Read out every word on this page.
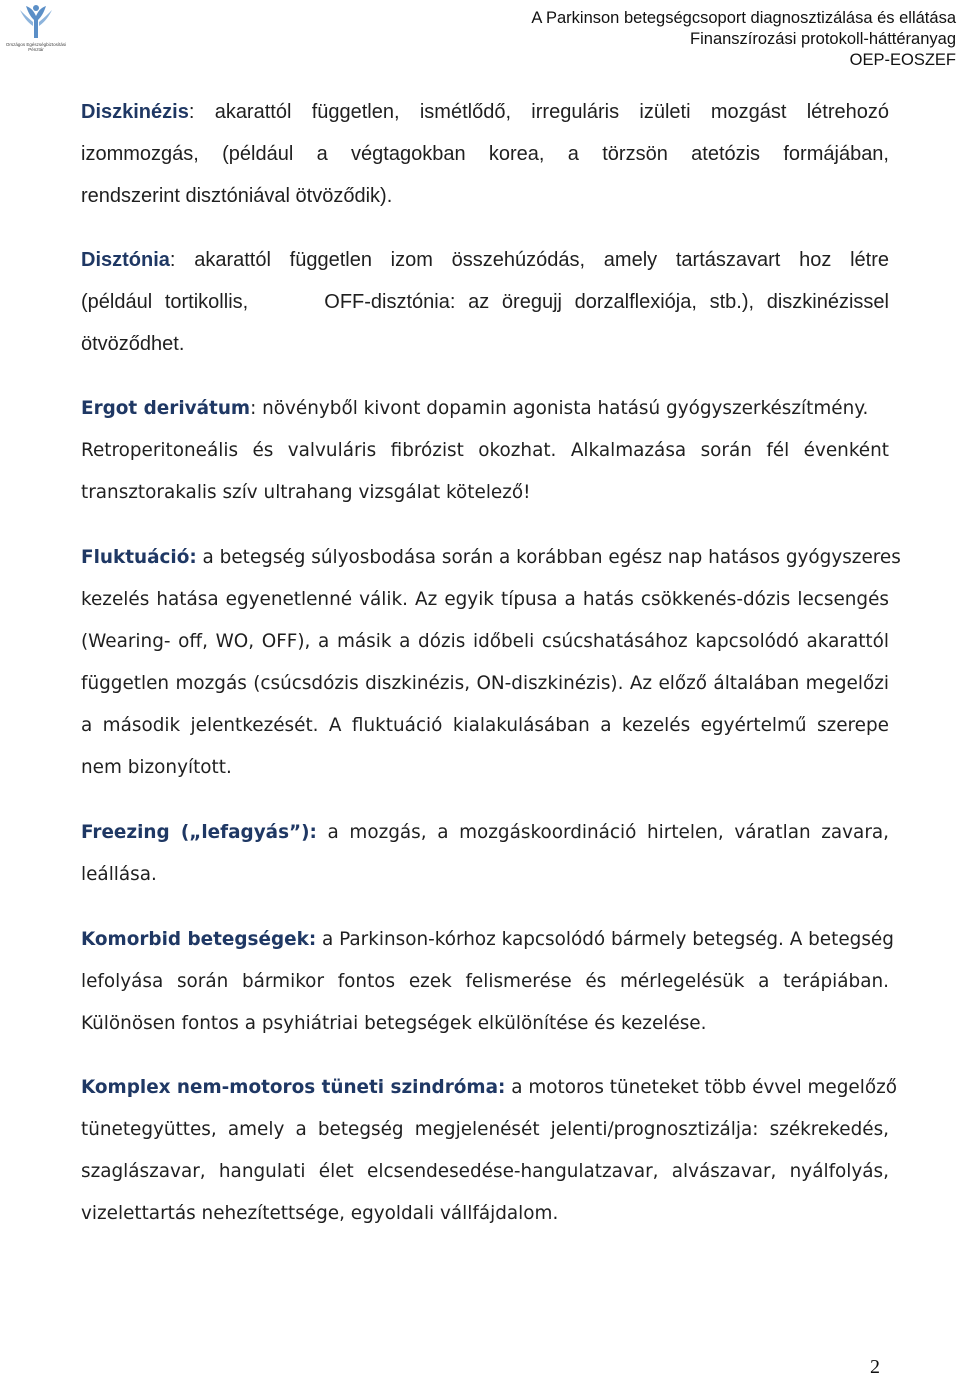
Országos Egészségbiztosítási
Pénztár
A Parkinson betegségcsoport diagnosztizálása és ellátása
Finanszírozási protokoll-háttéranyag
OEP-EOSZEF
Diszkinézis: akarattól független, ismétlődő, irreguláris izületi mozgást létrehozó
izommozgás, (például a végtagokban korea, a törzsön atetózis formájában,
rendszerint disztóniával ötvöződik).
Disztónia: akarattól független izom összehúzódás, amely tartászavart hoz létre
(például tortikollis,      OFF-disztónia: az öregujj dorzalflexiója, stb.), diszkinézissel
ötvöződhet.
Ergot derivátum: növényből kivont dopamin agonista hatású gyógyszerkészítmény.
Retroperitoneális és valvuláris fibrózist okozhat. Alkalmazása során fél évenként
transztorakalis szív ultrahang vizsgálat kötelező!
Fluktuáció: a betegség súlyosbodása során a korábban egész nap hatásos gyógyszeres
kezelés hatása egyenetlenné válik. Az egyik típusa a hatás csökkenés-dózis lecsengés
(Wearing- off, WO, OFF), a másik a dózis időbeli csúcshatásához kapcsolódó akarattól
független mozgás (csúcsdózis diszkinézis, ON-diszkinézis). Az előző általában megelőzi
a második jelentkezését. A fluktuáció kialakulásában a kezelés egyértelmű szerepe
nem bizonyított.
Freezing („lefagyás”): a mozgás, a mozgáskoordináció hirtelen, váratlan zavara,
leállása.
Komorbid betegségek: a Parkinson-kórhoz kapcsolódó bármely betegség. A betegség
lefolyása során bármikor fontos ezek felismerése és mérlegelésük a terápiában.
Különösen fontos a psyhiátriai betegségek elkülönítése és kezelése.
Komplex nem-motoros tüneti szindróma: a motoros tüneteket több évvel megelőző
tünetegyüttes, amely a betegség megjelenését jelenti/prognosztizálja: székrekedés,
szaglászavar, hangulati élet elcsendesedése-hangulatzavar, alvászavar, nyálfolyás,
vizelettartás nehezítettsége, egyoldali vállfájdalom.
2
